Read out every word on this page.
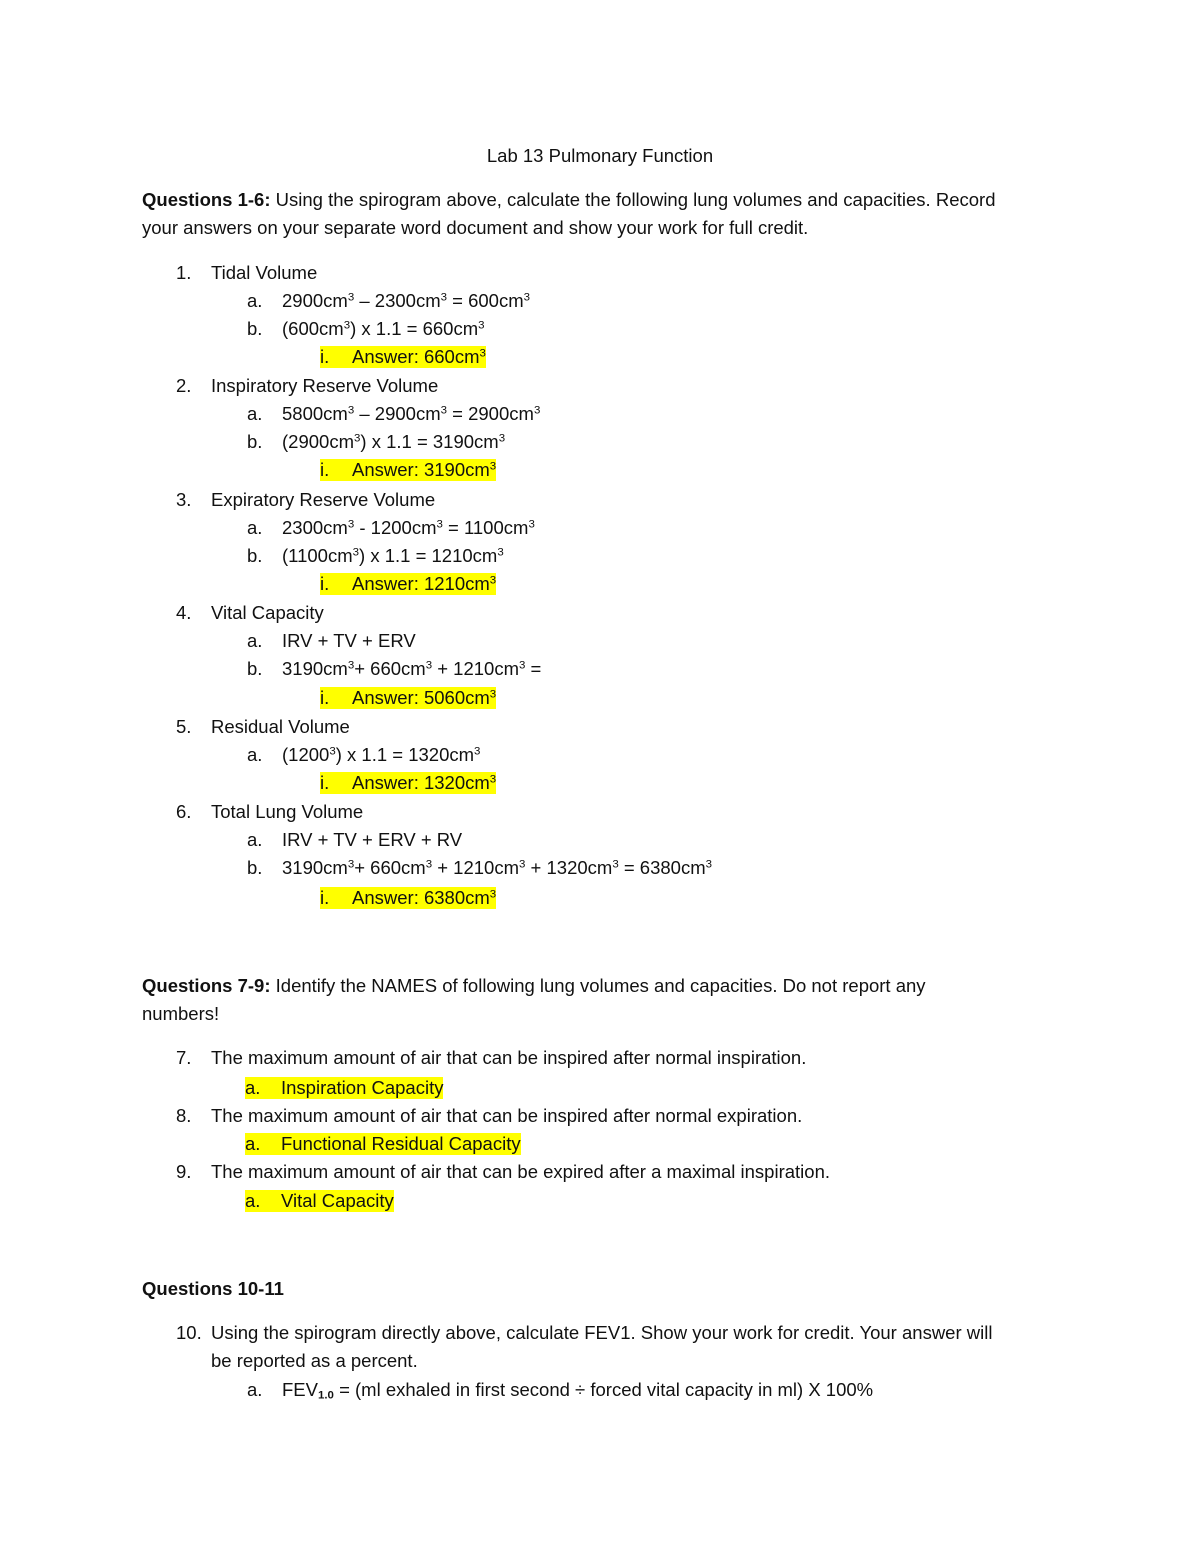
Lab 13 Pulmonary Function
Questions 1-6: Using the spirogram above, calculate the following lung volumes and capacities. Record
your answers on your separate word document and show your work for full credit.
1. Tidal Volume
a. $2900cm^3 - 2300cm^3 = 600cm^3$
b. $(600cm^3)$ x $1.1 = 660cm^3$
i. Answer: $660cm^3$
2. Inspiratory Reserve Volume
a. $5800cm^3 - 2900cm^3 = 2900cm^3$
b. $(2900cm^3)$ x $1.1 = 3190cm^3$
i. Answer: $3190cm^3$
3. Expiratory Reserve Volume
a. $2300cm^3 - 1200cm^3 = 1100cm^3$
b. $(1100cm^3)$ x $1.1 = 1210cm^3$
i. Answer: $1210cm^3$
4. Vital Capacity
a. IRV + TV + ERV
b. $3190cm^3+ 660cm^3 + 1210cm^3$ =
i. Answer: $5060cm^3$
5. Residual Volume
a. (1200$^3$) x $1.1 = 1320cm^3$
i. Answer: $1320cm^3$
6. Total Lung Volume
a. IRV + TV + ERV + RV
b. $3190cm^3+ 660cm^3 + 1210cm^3 + 1320cm^3 = 6380cm^3$
i. Answer: $6380cm^3$
Questions 7-9: Identify the NAMES of following lung volumes and capacities. Do not report any
numbers!
7. The maximum amount of air that can be inspired after normal inspiration.
a. Inspiration Capacity
8. The maximum amount of air that can be inspired after normal expiration.
a. Functional Residual Capacity
9. The maximum amount of air that can be expired after a maximal inspiration.
a. Vital Capacity
Questions 10-11
10. Using the spirogram directly above, calculate FEV1. Show your work for credit. Your answer will
be reported as a percent.
a. $FEV_{1.0} = (ml$ exhaled in first second ÷ forced vital capacity in ml) X 100%
